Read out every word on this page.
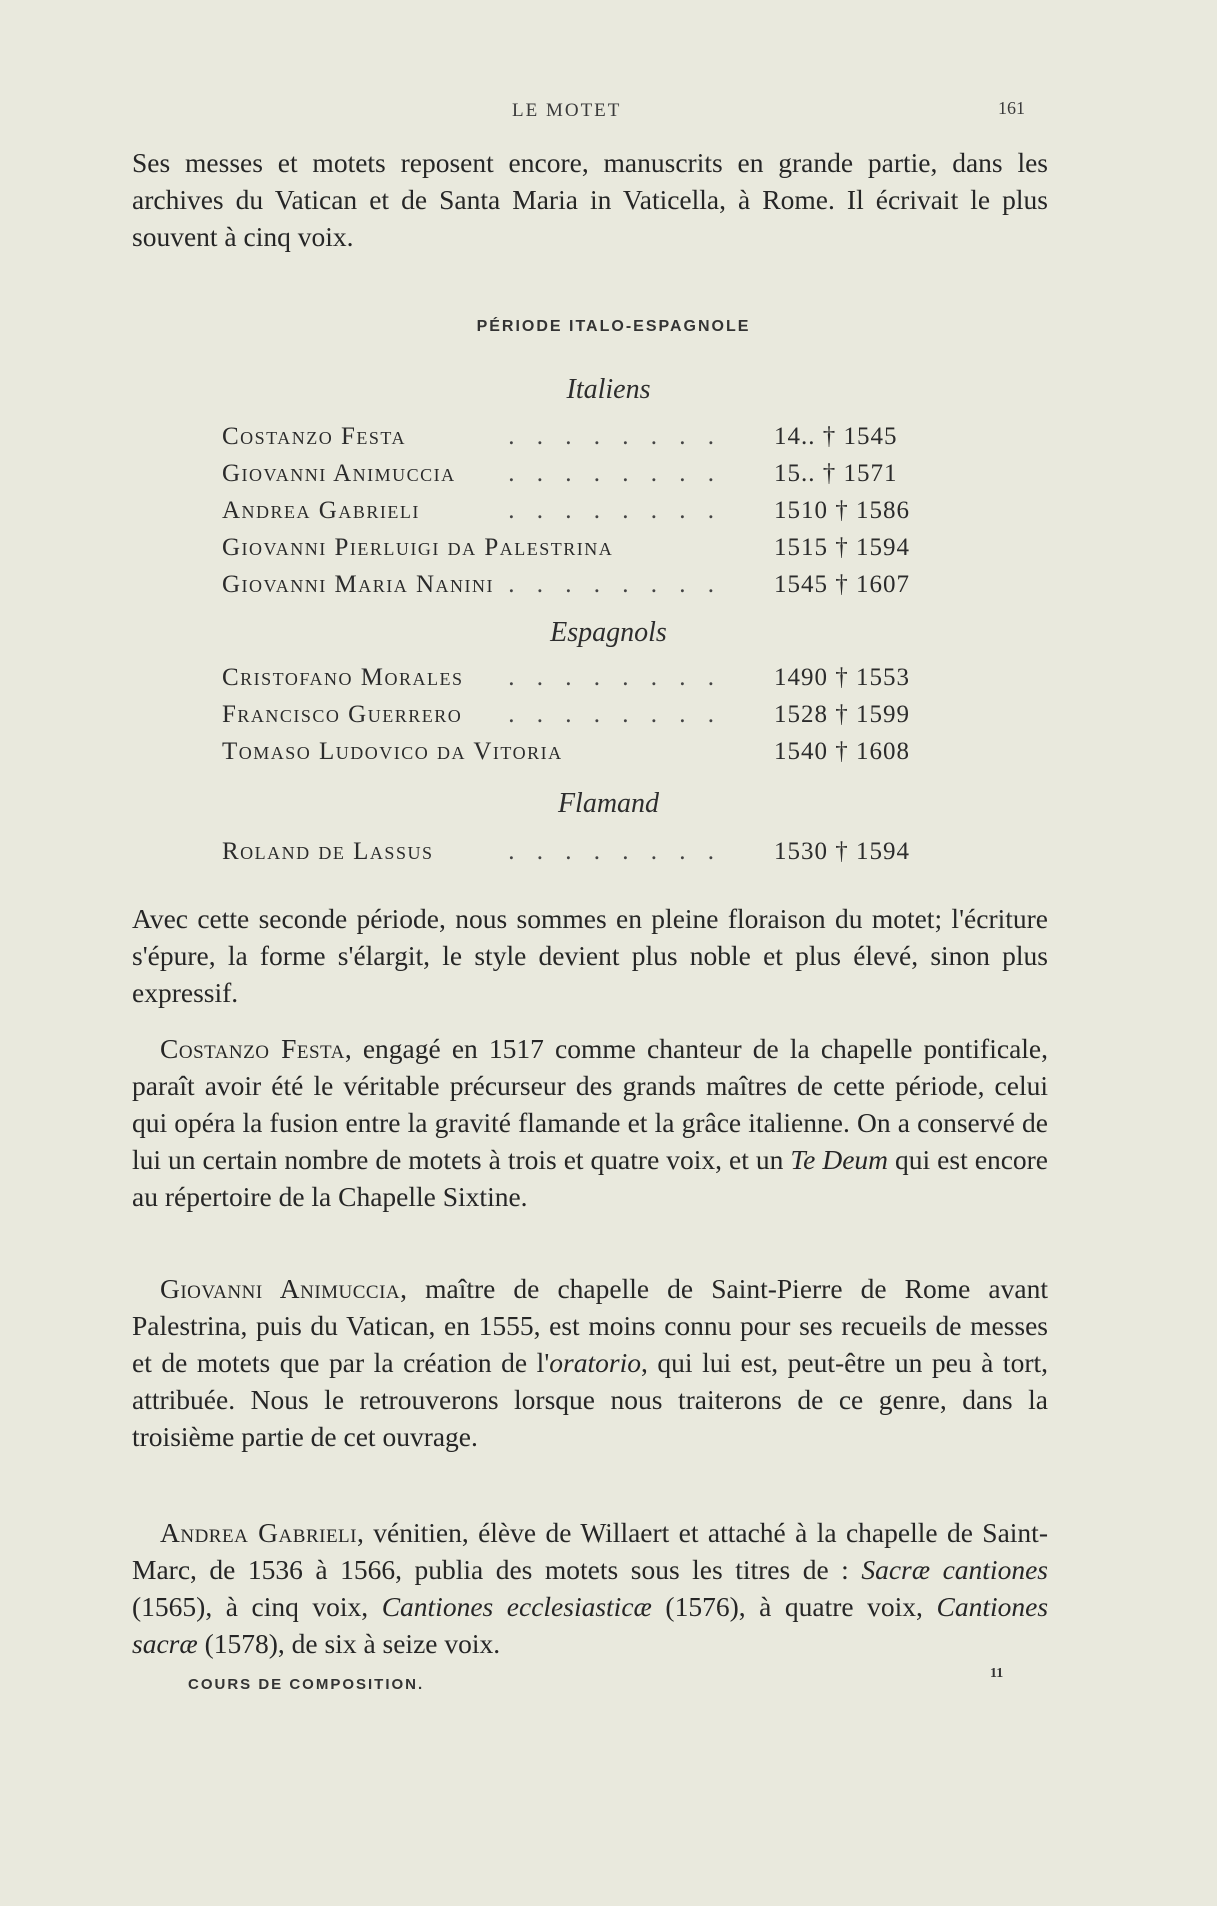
LE MOTET	161

Ses messes et motets reposent encore, manuscrits en grande partie, dans les archives du Vatican et de Santa Maria in Vaticella, à Rome. Il écrivait le plus souvent à cinq voix.

PÉRIODE ITALO-ESPAGNOLE
Italiens
Costanzo Festa	. . . . . . . . 14.. † 1545
Giovanni Animuccia . . . . . . . . 15.. † 1571
Andrea Gabrieli	. . . . . . . . 1510 † 1586
Giovanni Pierluigi da Palestrina	1515 † 1594
Giovanni Maria Nanini . . . . . . . . 1545 † 1607
Espagnols
Cristofano Morales . . . . . . . . 1490 † 1553
Francisco Guerrero . . . . . . . . 1528 † 1599
Tomaso Ludovico da Vitoria	1540 † 1608
Flamand
Roland de Lassus	. . . . . . . . 1530 † 1594

Avec cette seconde période, nous sommes en pleine floraison du motet; l'écriture s'épure, la forme s'élargit, le style devient plus noble et plus élevé, sinon plus expressif.

Costanzo Festa, engagé en 1517 comme chanteur de la chapelle pontificale, paraît avoir été le véritable précurseur des grands maîtres de cette période, celui qui opéra la fusion entre la gravité flamande et la grâce italienne. On a conservé de lui un certain nombre de motets à trois et quatre voix, et un Te Deum qui est encore au répertoire de la Chapelle Sixtine.

Giovanni Animuccia, maître de chapelle de Saint-Pierre de Rome avant Palestrina, puis du Vatican, en 1555, est moins connu pour ses recueils de messes et de motets que par la création de l'oratorio, qui lui est, peut-être un peu à tort, attribuée. Nous le retrouverons lorsque nous traiterons de ce genre, dans la troisième partie de cet ouvrage.

Andrea Gabrieli, vénitien, élève de Willaert et attaché à la chapelle de Saint-Marc, de 1536 à 1566, publia des motets sous les titres de : Sacræ cantiones (1565), à cinq voix, Cantiones ecclesiasticæ (1576), à quatre voix, Cantiones sacræ (1578), de six à seize voix.

COURS DE COMPOSITION.
11
